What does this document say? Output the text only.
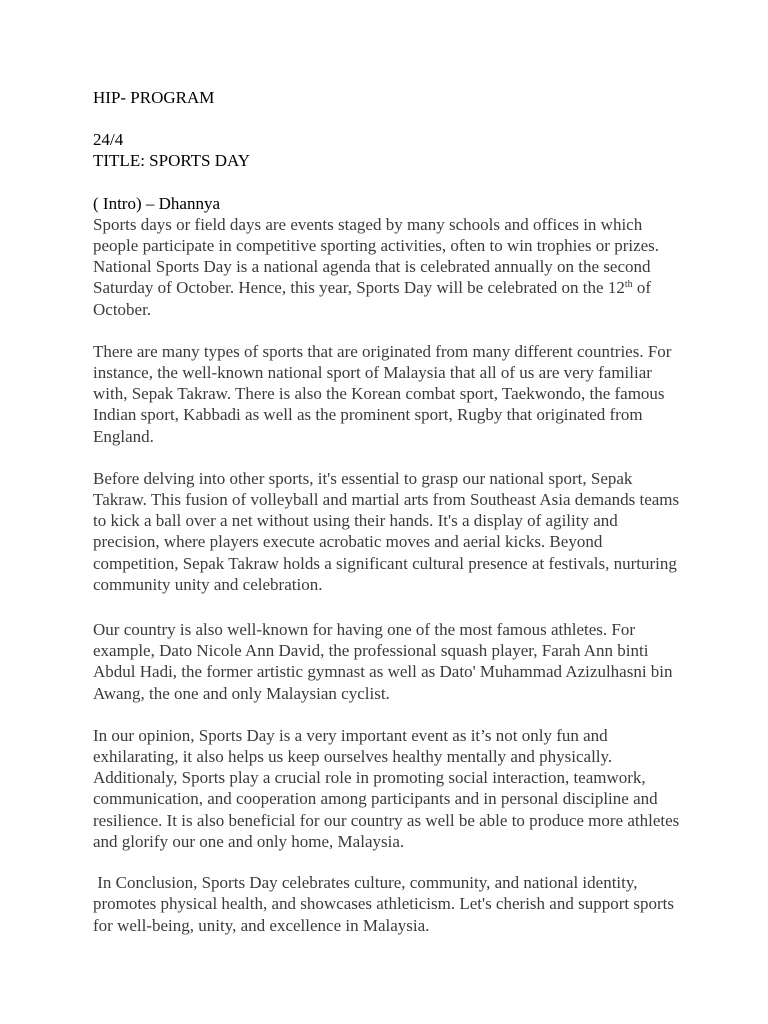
HIP- PROGRAM

24/4

TITLE: SPORTS DAY

( Intro) – Dhannya

Sports days or field days are events staged by many schools and offices in which people participate in competitive sporting activities, often to win trophies or prizes. National Sports Day is a national agenda that is celebrated annually on the second Saturday of October. Hence, this year, Sports Day will be celebrated on the 12th of October.

There are many types of sports that are originated from many different countries. For instance, the well-known national sport of Malaysia that all of us are very familiar with, Sepak Takraw. There is also the Korean combat sport, Taekwondo, the famous Indian sport, Kabbadi as well as the prominent sport, Rugby that originated from England.

Before delving into other sports, it's essential to grasp our national sport, Sepak Takraw. This fusion of volleyball and martial arts from Southeast Asia demands teams to kick a ball over a net without using their hands. It's a display of agility and precision, where players execute acrobatic moves and aerial kicks. Beyond competition, Sepak Takraw holds a significant cultural presence at festivals, nurturing community unity and celebration.

Our country is also well-known for having one of the most famous athletes. For example, Dato Nicole Ann David, the professional squash player, Farah Ann binti Abdul Hadi, the former artistic gymnast as well as Dato' Muhammad Azizulhasni bin Awang, the one and only Malaysian cyclist.

In our opinion, Sports Day is a very important event as it’s not only fun and exhilarating, it also helps us keep ourselves healthy mentally and physically. Additionaly, Sports play a crucial role in promoting social interaction, teamwork, communication, and cooperation among participants and in personal discipline and resilience. It is also beneficial for our country as well be able to produce more athletes and glorify our one and only home, Malaysia.

In Conclusion, Sports Day celebrates culture, community, and national identity, promotes physical health, and showcases athleticism. Let's cherish and support sports for well-being, unity, and excellence in Malaysia.
